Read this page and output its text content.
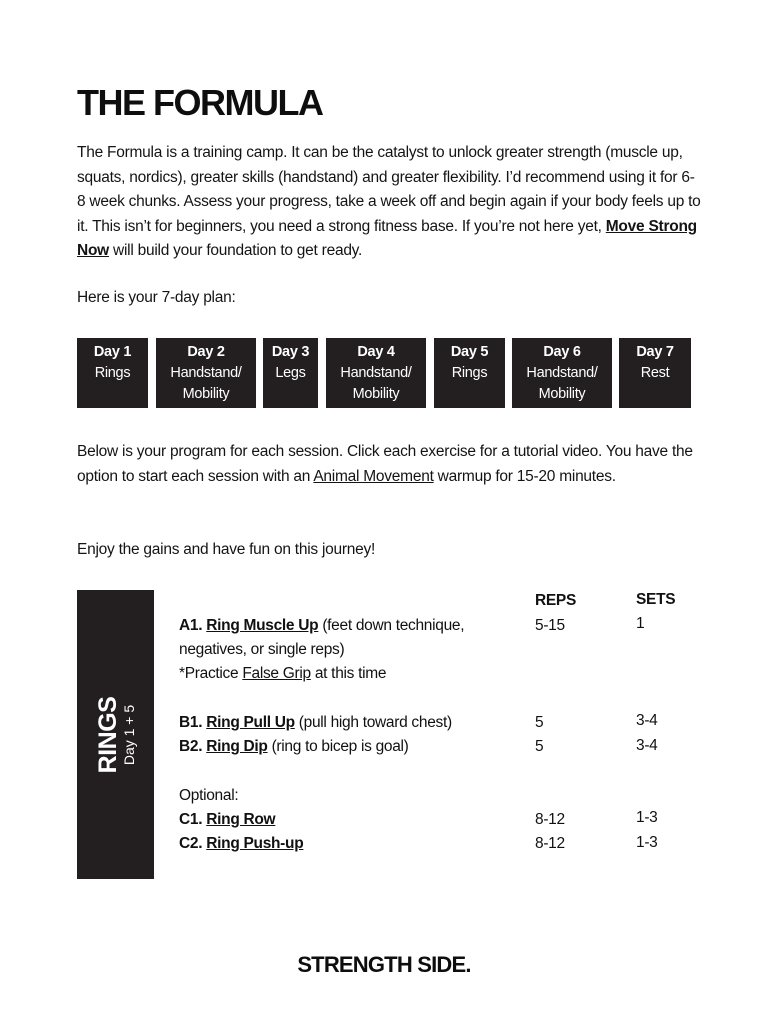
THE FORMULA

The Formula is a training camp. It can be the catalyst to unlock greater strength (muscle up, squats, nordics), greater skills (handstand) and greater flexibility. I’d recommend using it for 6-8 week chunks. Assess your progress, take a week off and begin again if your body feels up to it. This isn’t for beginners, you need a strong fitness base. If you’re not here yet, Move Strong Now will build your foundation to get ready.

Here is your 7-day plan:

Day 1
Rings
Day 2
Handstand/
Mobility
Day 3
Legs
Day 4
Handstand/
Mobility
Day 5
Rings
Day 6
Handstand/
Mobility
Day 7
Rest

Below is your program for each session. Click each exercise for a tutorial video. You have the option to start each session with an Animal Movement warmup for 15-20 minutes.

Enjoy the gains and have fun on this journey!

RINGS Day 1 + 5
REPS	SETS

A1. Ring Muscle Up (feet down technique,

negatives, or single reps)

*Practice False Grip at this time

5-15	1

B1. Ring Pull Up (pull high toward chest)	5	3-4

B2. Ring Dip (ring to bicep is goal)	5	3-4

Optional:

C1. Ring Row	8-12	1-3

C2. Ring Push-up	8-12	1-3
STRENGTH SIDE.
